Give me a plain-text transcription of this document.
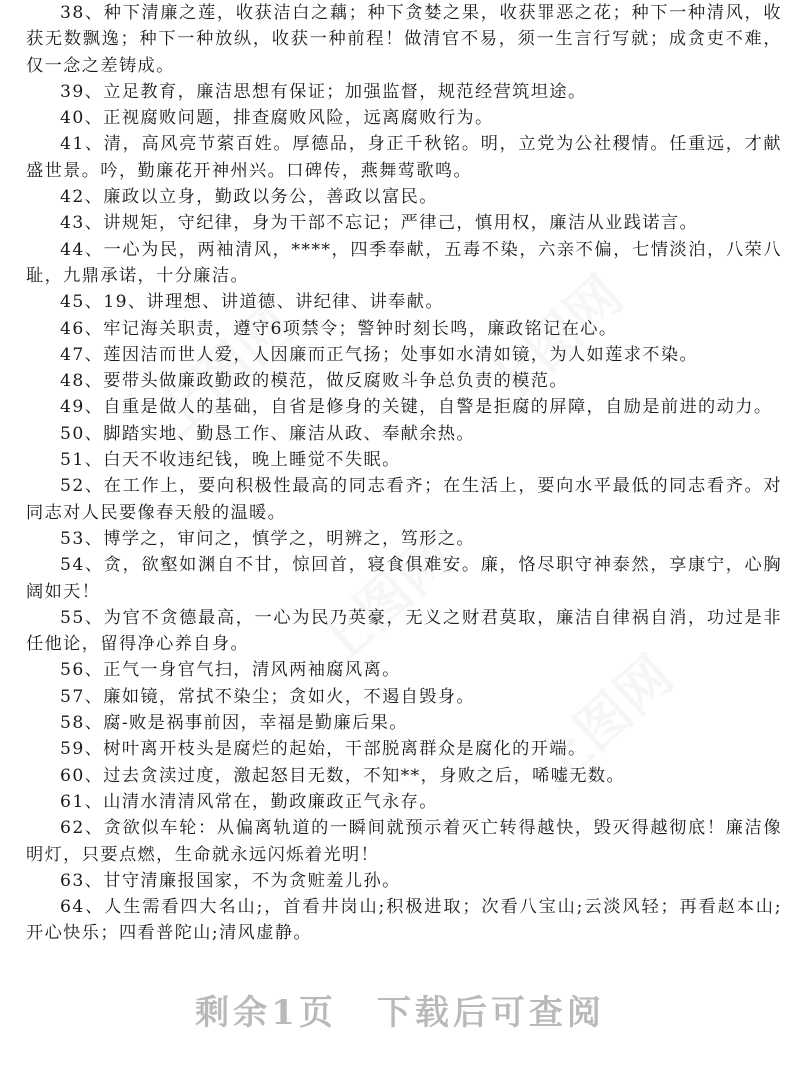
38、种下清廉之莲，收获洁白之藕；种下贪婪之果，收获罪恶之花；种下一种清风，收获无数飘逸；种下一种放纵，收获一种前程！做清官不易，须一生言行写就；成贪吏不难，仅一念之差铸成。

39、立足教育，廉洁思想有保证；加强监督，规范经营筑坦途。

40、正视腐败问题，排查腐败风险，远离腐败行为。

41、清，高风亮节萦百姓。厚德品，身正千秋铭。明，立党为公社稷情。任重远，才献盛世景。吟，勤廉花开神州兴。口碑传，燕舞莺歌鸣。

42、廉政以立身，勤政以务公，善政以富民。

43、讲规矩，守纪律，身为干部不忘记；严律己，慎用权，廉洁从业践诺言。

44、一心为民，两袖清风，****，四季奉献，五毒不染，六亲不偏，七情淡泊，八荣八耻，九鼎承诺，十分廉洁。

45、19、讲理想、讲道德、讲纪律、讲奉献。

46、牢记海关职责，遵守6项禁令；警钟时刻长鸣，廉政铭记在心。

47、莲因洁而世人爱，人因廉而正气扬；处事如水清如镜，为人如莲求不染。

48、要带头做廉政勤政的模范，做反腐败斗争总负责的模范。

49、自重是做人的基础，自省是修身的关键，自警是拒腐的屏障，自励是前进的动力。

50、脚踏实地、勤恳工作、廉洁从政、奉献余热。

51、白天不收违纪钱，晚上睡觉不失眠。

52、在工作上，要向积极性最高的同志看齐；在生活上，要向水平最低的同志看齐。对同志对人民要像春天般的温暖。

53、博学之，审问之，慎学之，明辨之，笃形之。

54、贪，欲壑如渊自不甘，惊回首，寝食俱难安。廉，恪尽职守神泰然，享康宁，心胸阔如天！

55、为官不贪德最高，一心为民乃英豪，无义之财君莫取，廉洁自律祸自消，功过是非任他论，留得净心养自身。

56、正气一身官气扫，清风两袖腐风离。

57、廉如镜，常拭不染尘；贪如火，不遏自毁身。

58、腐-败是祸事前因，幸福是勤廉后果。

59、树叶离开枝头是腐烂的起始，干部脱离群众是腐化的开端。

60、过去贪渎过度，激起怒目无数，不知**，身败之后，唏嘘无数。

61、山清水清清风常在，勤政廉政正气永存。

62、贪欲似车轮：从偏离轨道的一瞬间就预示着灭亡转得越快，毁灭得越彻底！廉洁像明灯，只要点燃，生命就永远闪烁着光明！

63、甘守清廉报国家，不为贪赃羞儿孙。

64、人生需看四大名山;，首看井岗山;积极进取；次看八宝山;云淡风轻；再看赵本山;开心快乐；四看普陀山;清风虚静。

剩余1页 下载后可查阅
